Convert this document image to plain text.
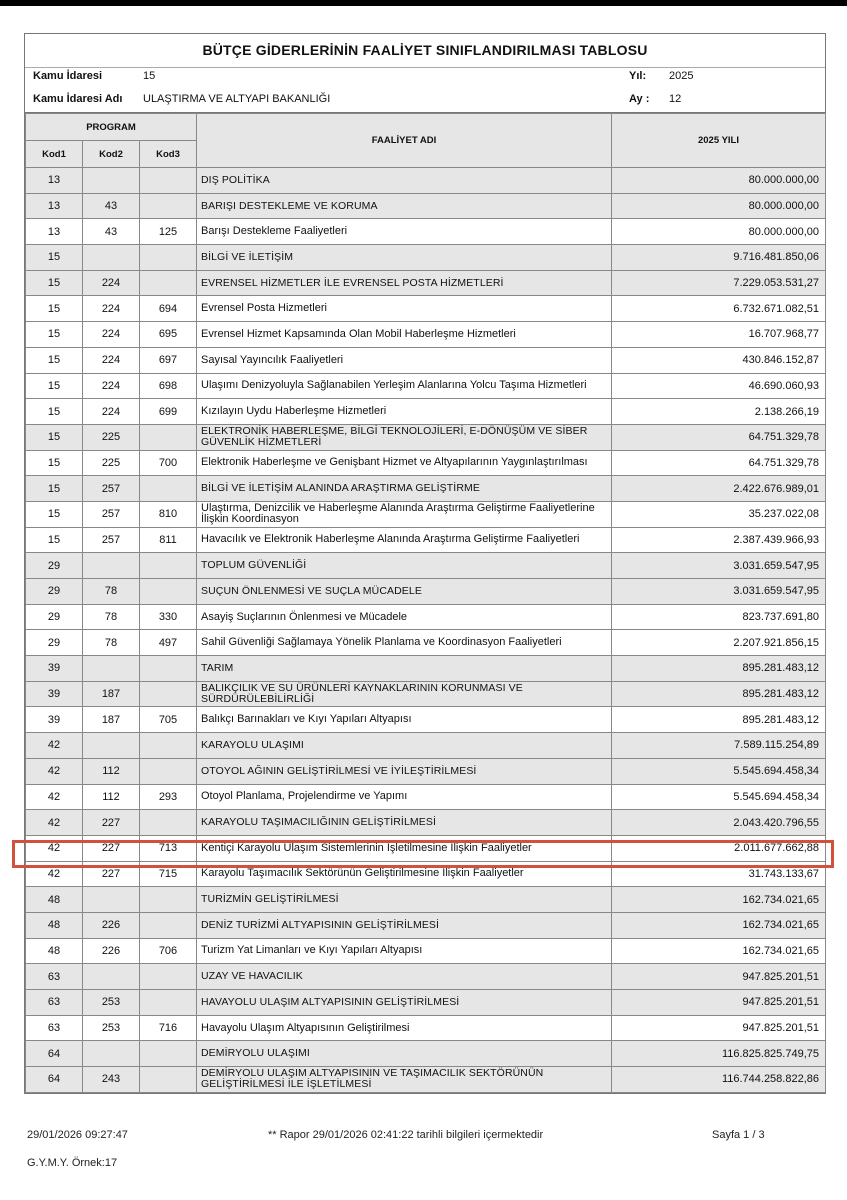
BÜTÇE GİDERLERİNİN FAALİYET SINIFLANDIRILMASI TABLOSU
Kamu İdaresi	15
Kamu İdaresi Adı ULAŞTIRMA VE ALTYAPI BAKANLIĞI
Yıl: 2025
Ay : 12
PROGRAM			FAALİYET ADI	2025 YILI
Kod1	Kod2	Kod3		
13			DIŞ POLİTİKA	80.000.000,00
13	43		BARIŞI DESTEKLEME VE KORUMA	80.000.000,00
13	43	125	Barışı Destekleme Faaliyetleri	80.000.000,00
15			BİLGİ VE İLETİŞİM	9.716.481.850,06
15	224		EVRENSEL HİZMETLER İLE EVRENSEL POSTA HİZMETLERİ	7.229.053.531,27
15	224	694	Evrensel Posta Hizmetleri	6.732.671.082,51
15	224	695	Evrensel Hizmet Kapsamında Olan Mobil Haberleşme Hizmetleri	16.707.968,77
15	224	697	Sayısal Yayıncılık Faaliyetleri	430.846.152,87
15	224	698	Ulaşımı Denizyoluyla Sağlanabilen Yerleşim Alanlarına Yolcu Taşıma Hizmetleri	46.690.060,93
15	224	699	Kızılayın Uydu Haberleşme Hizmetleri	2.138.266,19
15	225		ELEKTRONİK HABERLEŞME, BİLGİ TEKNOLOJİLERİ, E-DÖNÜŞÜM VE SİBER GÜVENLİK HİZMETLERİ	64.751.329,78
15	225	700	Elektronik Haberleşme ve Genişbant Hizmet ve Altyapılarının Yaygınlaştırılması	64.751.329,78
15	257		BİLGİ VE İLETİŞİM ALANINDA ARAŞTIRMA GELİŞTİRME	2.422.676.989,01
15	257	810	Ulaştırma, Denizcilik ve Haberleşme Alanında Araştırma Geliştirme Faaliyetlerine İlişkin Koordinasyon	35.237.022,08
15	257	811	Havacılık ve Elektronik Haberleşme Alanında Araştırma Geliştirme Faaliyetleri	2.387.439.966,93
29			TOPLUM GÜVENLİĞİ	3.031.659.547,95
29	78		SUÇUN ÖNLENMESİ VE SUÇLA MÜCADELE	3.031.659.547,95
29	78	330	Asayiş Suçlarının Önlenmesi ve Mücadele	823.737.691,80
29	78	497	Sahil Güvenliği Sağlamaya Yönelik Planlama ve Koordinasyon Faaliyetleri	2.207.921.856,15
39			TARIM	895.281.483,12
39	187		BALIKÇILIK VE SU ÜRÜNLERİ KAYNAKLARININ KORUNMASI VE SÜRDÜRÜLEBİLİRLİĞİ	895.281.483,12
39	187	705	Balıkçı Barınakları ve Kıyı Yapıları Altyapısı	895.281.483,12
42			KARAYOLU ULAŞIMI	7.589.115.254,89
42	112		OTOYOL AĞININ GELİŞTİRİLMESİ VE İYİLEŞTİRİLMESİ	5.545.694.458,34
42	112	293	Otoyol Planlama, Projelendirme ve Yapımı	5.545.694.458,34
42	227		KARAYOLU TAŞIMACILIĞININ GELİŞTİRİLMESİ	2.043.420.796,55
42	227	713	Kentiçi Karayolu Ulaşım Sistemlerinin İşletilmesine İlişkin Faaliyetler	2.011.677.662,88
42	227	715	Karayolu Taşımacılık Sektörünün Geliştirilmesine İlişkin Faaliyetler	31.743.133,67
48			TURİZMİN GELİŞTİRİLMESİ	162.734.021,65
48	226		DENİZ TURİZMİ ALTYAPISININ GELİŞTİRİLMESİ	162.734.021,65
48	226	706	Turizm Yat Limanları ve Kıyı Yapıları Altyapısı	162.734.021,65
63			UZAY VE HAVACILIK	947.825.201,51
63	253		HAVAYOLU ULAŞIM ALTYAPISININ GELİŞTİRİLMESİ	947.825.201,51
63	253	716	Havayolu Ulaşım Altyapısının Geliştirilmesi	947.825.201,51
64			DEMİRYOLU ULAŞIMI	116.825.825.749,75
64	243		DEMİRYOLU ULAŞIM ALTYAPISININ VE TAŞIMACILIK SEKTÖRÜNÜN GELİŞTİRİLMESİ İLE İŞLETİLMESİ	116.744.258.822,86
29/01/2026 09:27:47	** Rapor 29/01/2026 02:41:22 tarihli bilgileri içermektedir	Sayfa 1 / 3
G.Y.M.Y. Örnek:17
